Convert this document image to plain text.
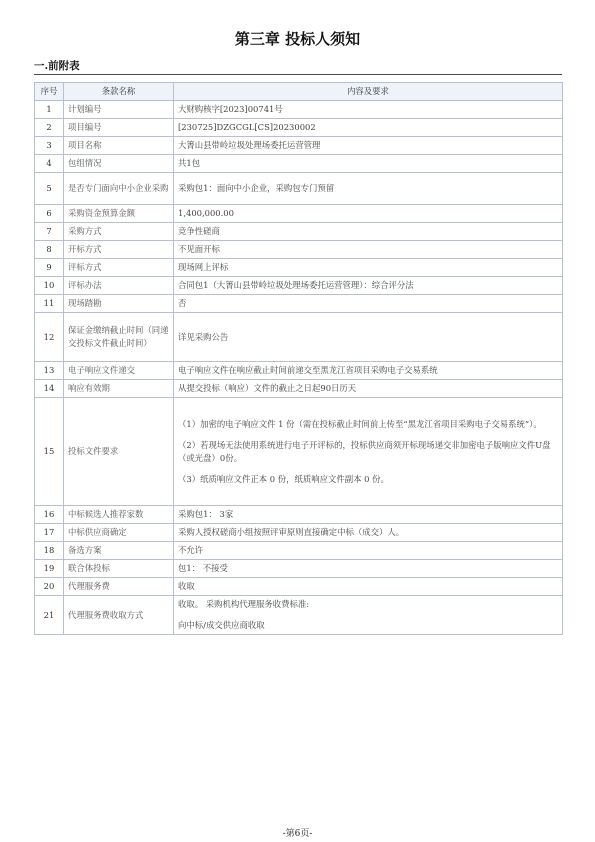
第三章 投标人须知
一.前附表
序号	条款名称	内容及要求
1	计划编号	大财购核字[2023]00741号

2	项目编号	[230725]DZGCGL[CS]20230002

3	项目名称	大箐山县带岭垃圾处理场委托运营管理

4	包组情况	共1包

5	是否专门面向中小企业采购	采购包1：面向中小企业，采购包专门预留

6	采购资金预算金额	1,400,000.00

7	采购方式	竞争性磋商

8	开标方式	不见面开标

9	评标方式	现场网上评标

10	评标办法	合同包1（大箐山县带岭垃圾处理场委托运营管理）：综合评分法

11	现场踏勘	否

12	保证金缴纳截止时间（同递交投标文件截止时间）	详见采购公告

13	电子响应文件递交	电子响应文件在响应截止时间前递交至黑龙江省项目采购电子交易系统

14	响应有效期	从提交投标（响应）文件的截止之日起90日历天

15	投标文件要求	（1）加密的电子响应文件 1 份（需在投标截止时间前上传至“黑龙江省项目采购电子交易系统”）。

（2）若现场无法使用系统进行电子开评标的，投标供应商须开标现场递交非加密电子版响应文件U盘（或光盘）0份。

（3）纸质响应文件正本 0 份，纸质响应文件副本 0 份。

16	中标候选人推荐家数	采购包1： 3家

17	中标供应商确定	采购人授权磋商小组按照评审原则直接确定中标（成交）人。

18	备选方案	不允许

19	联合体投标	包1： 不接受

20	代理服务费	收取

21	代理服务费收取方式	收取。 采购机构代理服务收费标准:

向中标/成交供应商收取

-第6页-
